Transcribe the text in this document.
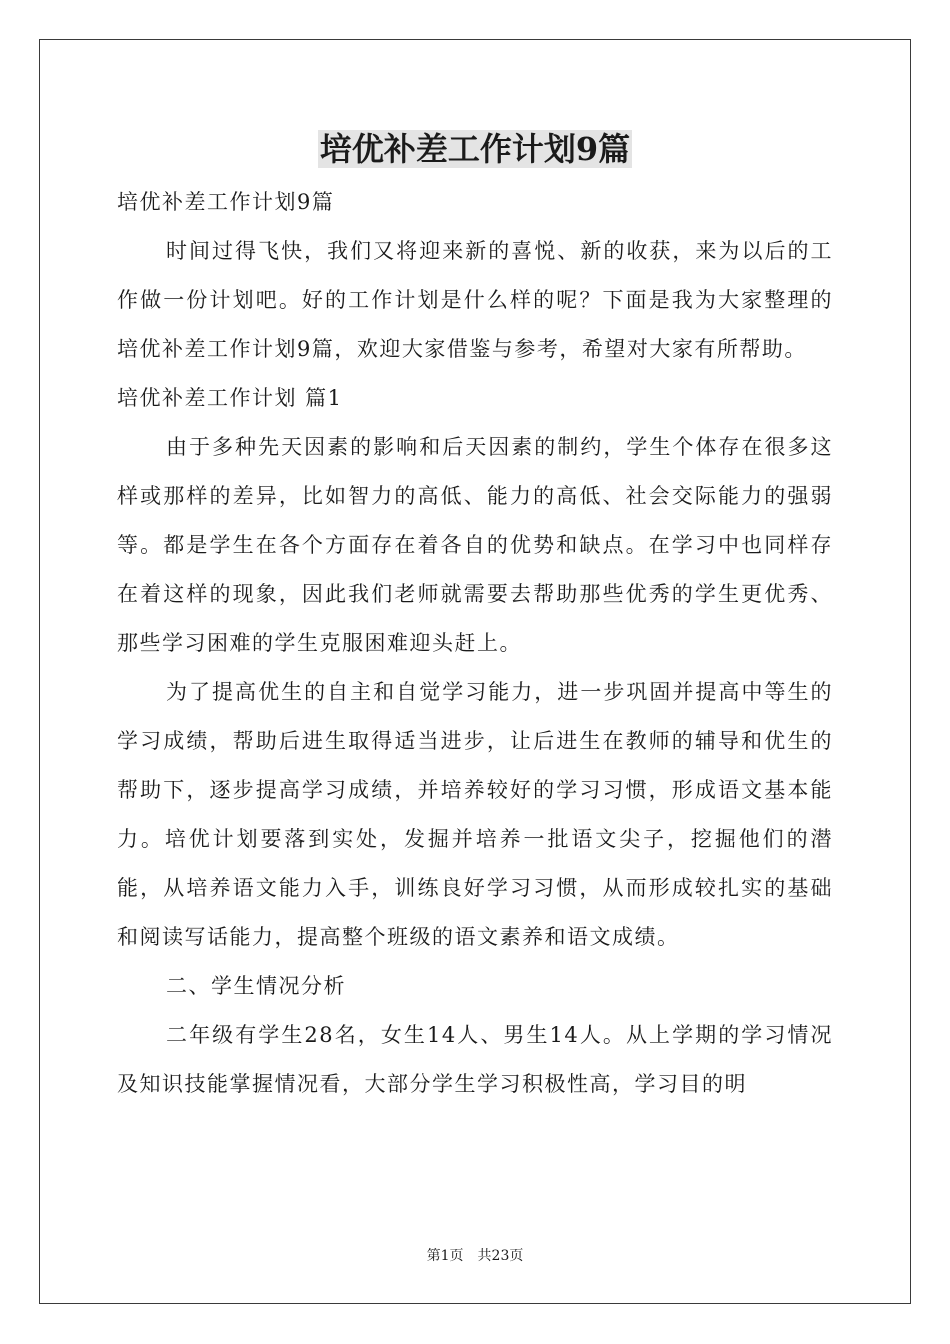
培优补差工作计划9篇

培优补差工作计划9篇

时间过得飞快，我们又将迎来新的喜悦、新的收获，来为以后的工作做一份计划吧。好的工作计划是什么样的呢？下面是我为大家整理的培优补差工作计划9篇，欢迎大家借鉴与参考，希望对大家有所帮助。

培优补差工作计划 篇1

由于多种先天因素的影响和后天因素的制约，学生个体存在很多这样或那样的差异，比如智力的高低、能力的高低、社会交际能力的强弱等。都是学生在各个方面存在着各自的优势和缺点。在学习中也同样存在着这样的现象，因此我们老师就需要去帮助那些优秀的学生更优秀、那些学习困难的学生克服困难迎头赶上。

为了提高优生的自主和自觉学习能力，进一步巩固并提高中等生的学习成绩，帮助后进生取得适当进步，让后进生在教师的辅导和优生的帮助下，逐步提高学习成绩，并培养较好的学习习惯，形成语文基本能力。培优计划要落到实处，发掘并培养一批语文尖子，挖掘他们的潜能，从培养语文能力入手，训练良好学习习惯，从而形成较扎实的基础和阅读写话能力，提高整个班级的语文素养和语文成绩。

二、学生情况分析

二年级有学生28名，女生14人、男生14人。从上学期的学习情况及知识技能掌握情况看，大部分学生学习积极性高，学习目的明

第1页 共23页
